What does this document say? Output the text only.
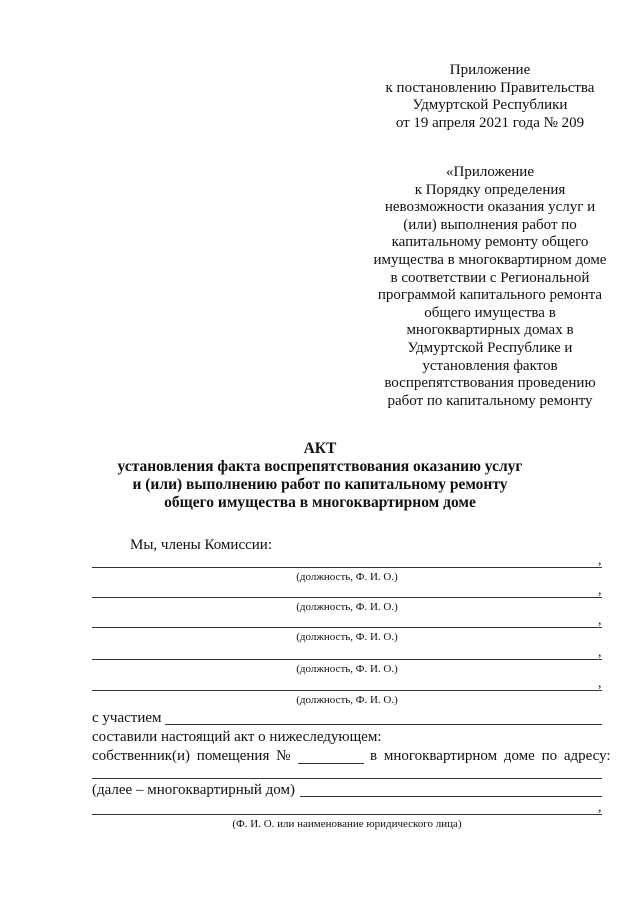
Приложение
к постановлению Правительства
Удмуртской Республики
от 19 апреля 2021 года № 209
«Приложение
к Порядку определения
невозможности оказания услуг и
(или) выполнения работ по
капитальному ремонту общего
имущества в многоквартирном доме
в соответствии с Региональной
программой капитального ремонта
общего имущества в
многоквартирных домах в
Удмуртской Республике и
установления фактов
воспрепятствования проведению
работ по капитальному ремонту
АКТ
установления факта воспрепятствования оказанию услуг
и (или) выполнению работ по капитальному ремонту
общего имущества в многоквартирном доме
Мы, члены Комиссии:
,
(должность, Ф. И. О.)
,
(должность, Ф. И. О.)
,
(должность, Ф. И. О.)
,
(должность, Ф. И. О.)
,
(должность, Ф. И. О.)
с участием
составили настоящий акт о нижеследующем:
собственник(и) помещения №	в многоквартирном доме по адресу:
(далее – многоквартирный дом)
,
(Ф. И. О. или наименование юридического лица)
